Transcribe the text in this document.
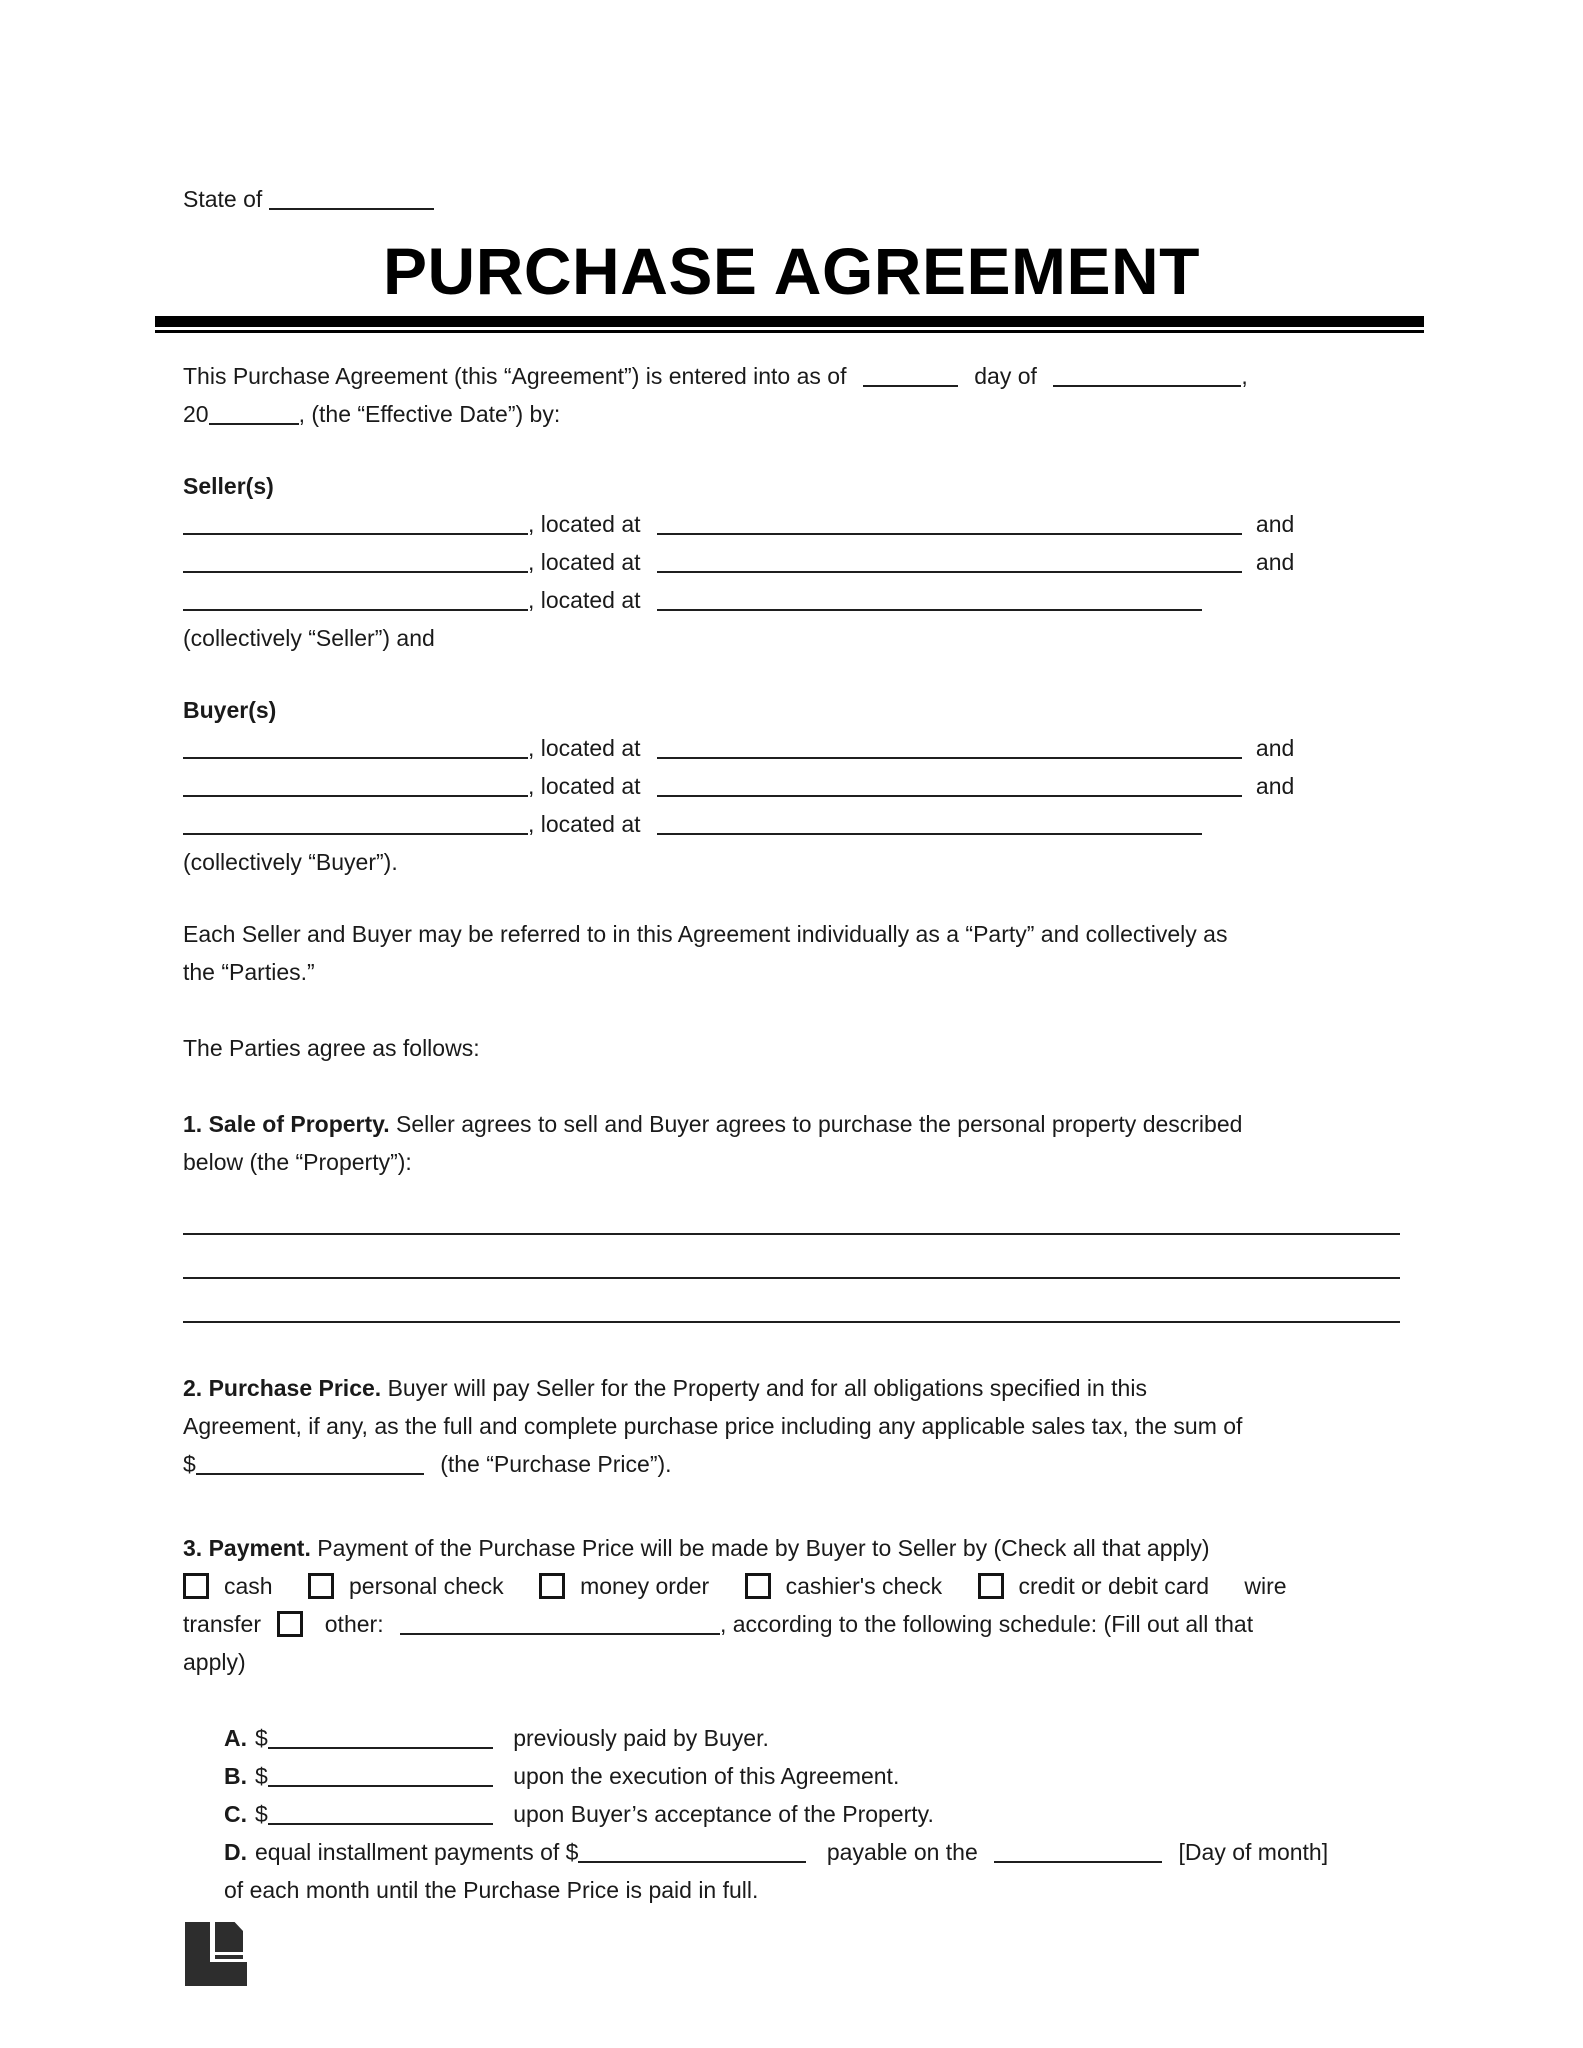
State of
PURCHASE AGREEMENT
This Purchase Agreement (this “Agreement”) is entered into as of	day of	,
20	, (the “Effective Date”) by:
Seller(s)
, located at	and
, located at	and
, located at
(collectively “Seller”) and
Buyer(s)
, located at	and
, located at	and
, located at
(collectively “Buyer”).
Each Seller and Buyer may be referred to in this Agreement individually as a “Party” and collectively as
the “Parties.”
The Parties agree as follows:
1. Sale of Property. Seller agrees to sell and Buyer agrees to purchase the personal property described
below (the “Property”):
2. Purchase Price. Buyer will pay Seller for the Property and for all obligations specified in this
Agreement, if any, as the full and complete purchase price including any applicable sales tax, the sum of
$	(the “Purchase Price”).
3. Payment. Payment of the Purchase Price will be made by Buyer to Seller by (Check all that apply)
cash	personal check	money order	cashier's check	credit or debit card wire
transfer	other:	, according to the following schedule: (Fill out all that
apply)
A. $	previously paid by Buyer.
B. $	upon the execution of this Agreement.
C. $	upon Buyer’s acceptance of the Property.
D. equal installment payments of $	payable on the	[Day of month]
of each month until the Purchase Price is paid in full.
